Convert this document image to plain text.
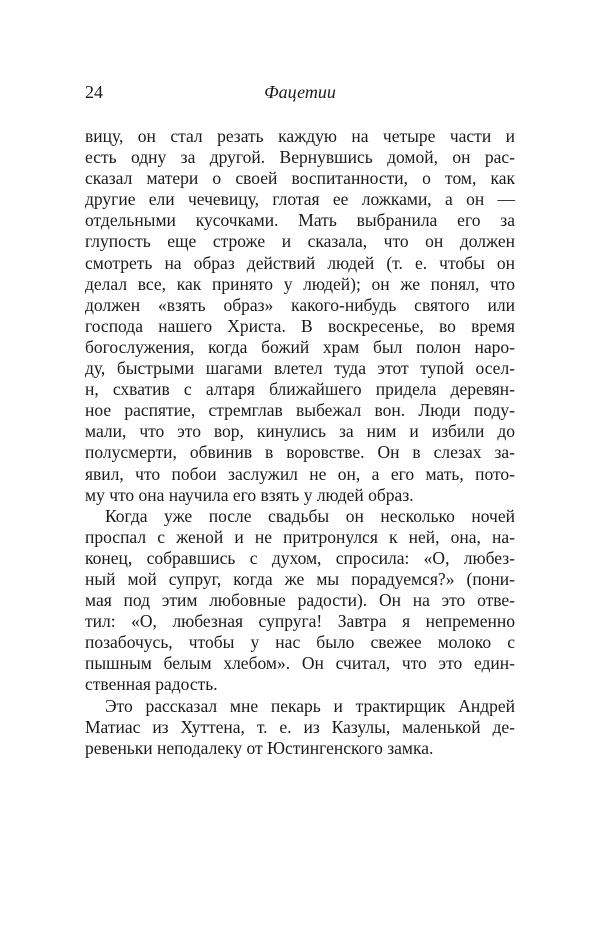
24	Фацетии
вицу, он стал резать каждую на четыре части и
есть одну за другой. Вернувшись домой, он рас-
сказал матери о своей воспитанности, о том, как
другие ели чечевицу, глотая ее ложками, а он —
отдельными кусочками. Мать выбранила его за
глупость еще строже и сказала, что он должен
смотреть на образ действий людей (т. е. чтобы он
делал все, как принято у людей); он же понял, что
должен «взять образ» какого-нибудь святого или
господа нашего Христа. В воскресенье, во время
богослужения, когда божий храм был полон наро-
ду, быстрыми шагами влетел туда этот тупой осел-
н, схватив с алтаря ближайшего придела деревян-
ное распятие, стремглав выбежал вон. Люди поду-
мали, что это вор, кинулись за ним и избили до
полусмерти, обвинив в воровстве. Он в слезах за-
явил, что побои заслужил не он, а его мать, пото-
му что она научила его взять у людей образ.
Когда уже после свадьбы он несколько ночей
проспал с женой и не притронулся к ней, она, на-
конец, собравшись с духом, спросила: «О, любез-
ный мой супруг, когда же мы порадуемся?» (пони-
мая под этим любовные радости). Он на это отве-
тил: «О, любезная супруга! Завтра я непременно
позабочусь, чтобы у нас было свежее молоко с
пышным белым хлебом». Он считал, что это един-
ственная радость.
Это рассказал мне пекарь и трактирщик Андрей
Матиас из Хуттена, т. е. из Казулы, маленькой де-
ревеньки неподалеку от Юстингенского замка.
